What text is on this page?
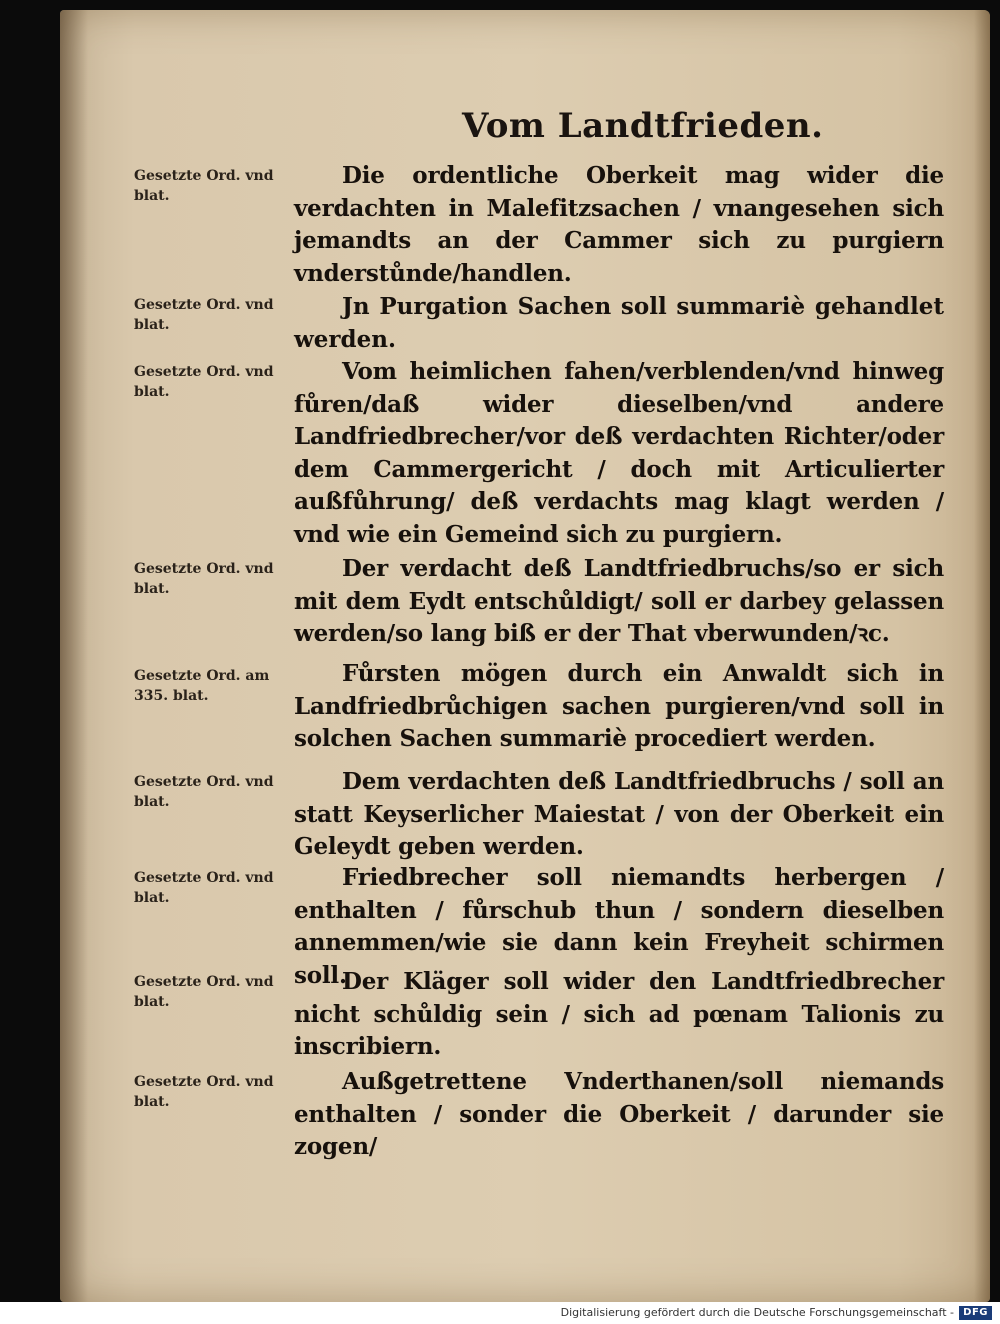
Vom Landtfrieden.
Gesetzte Ord. vnd blat.
Die ordentliche Oberkeit mag wider die verdachten in Malefitzsachen / vnangesehen sich jemandts an der Cammer sich zu purgiern vnderstůnde/handlen.
Gesetzte Ord. vnd blat.
Jn Purgation Sachen soll summariè gehandlet werden.
Gesetzte Ord. vnd blat.
Vom heimlichen fahen/verblenden/vnd hinweg fůren/daß wider dieselben/vnd andere Landfriedbrecher/vor deß verdachten Richter/oder dem Cammergericht / doch mit Articulierter außfůhrung/ deß verdachts mag klagt werden / vnd wie ein Gemeind sich zu purgiern.
Gesetzte Ord. vnd blat.
Der verdacht deß Landtfriedbruchs/so er sich mit dem Eydt entschůldigt/ soll er darbey gelassen werden/so lang biß er der That vberwunden/ꝛc.
Gesetzte Ord. am 335. blat.
Fůrsten mögen durch ein Anwaldt sich in Landfriedbrůchigen sachen purgieren/vnd soll in solchen Sachen summariè procediert werden.
Gesetzte Ord. vnd blat.
Dem verdachten deß Landtfriedbruchs / soll an statt Keyserlicher Maiestat / von der Oberkeit ein Geleydt geben werden.
Gesetzte Ord. vnd blat.
Friedbrecher soll niemandts herbergen / enthalten / fůrschub thun / sondern dieselben annemmen/wie sie dann kein Freyheit schirmen soll.
Gesetzte Ord. vnd blat.
Der Kläger soll wider den Landtfriedbrecher nicht schůldig sein / sich ad pœnam Talionis zu inscribiern.
Gesetzte Ord. vnd blat.
Außgetrettene Vnderthanen/soll niemands enthalten / sonder die Oberkeit / darunder sie zogen/
Digitalisierung gefördert durch die Deutsche Forschungsgemeinschaft - DFG
